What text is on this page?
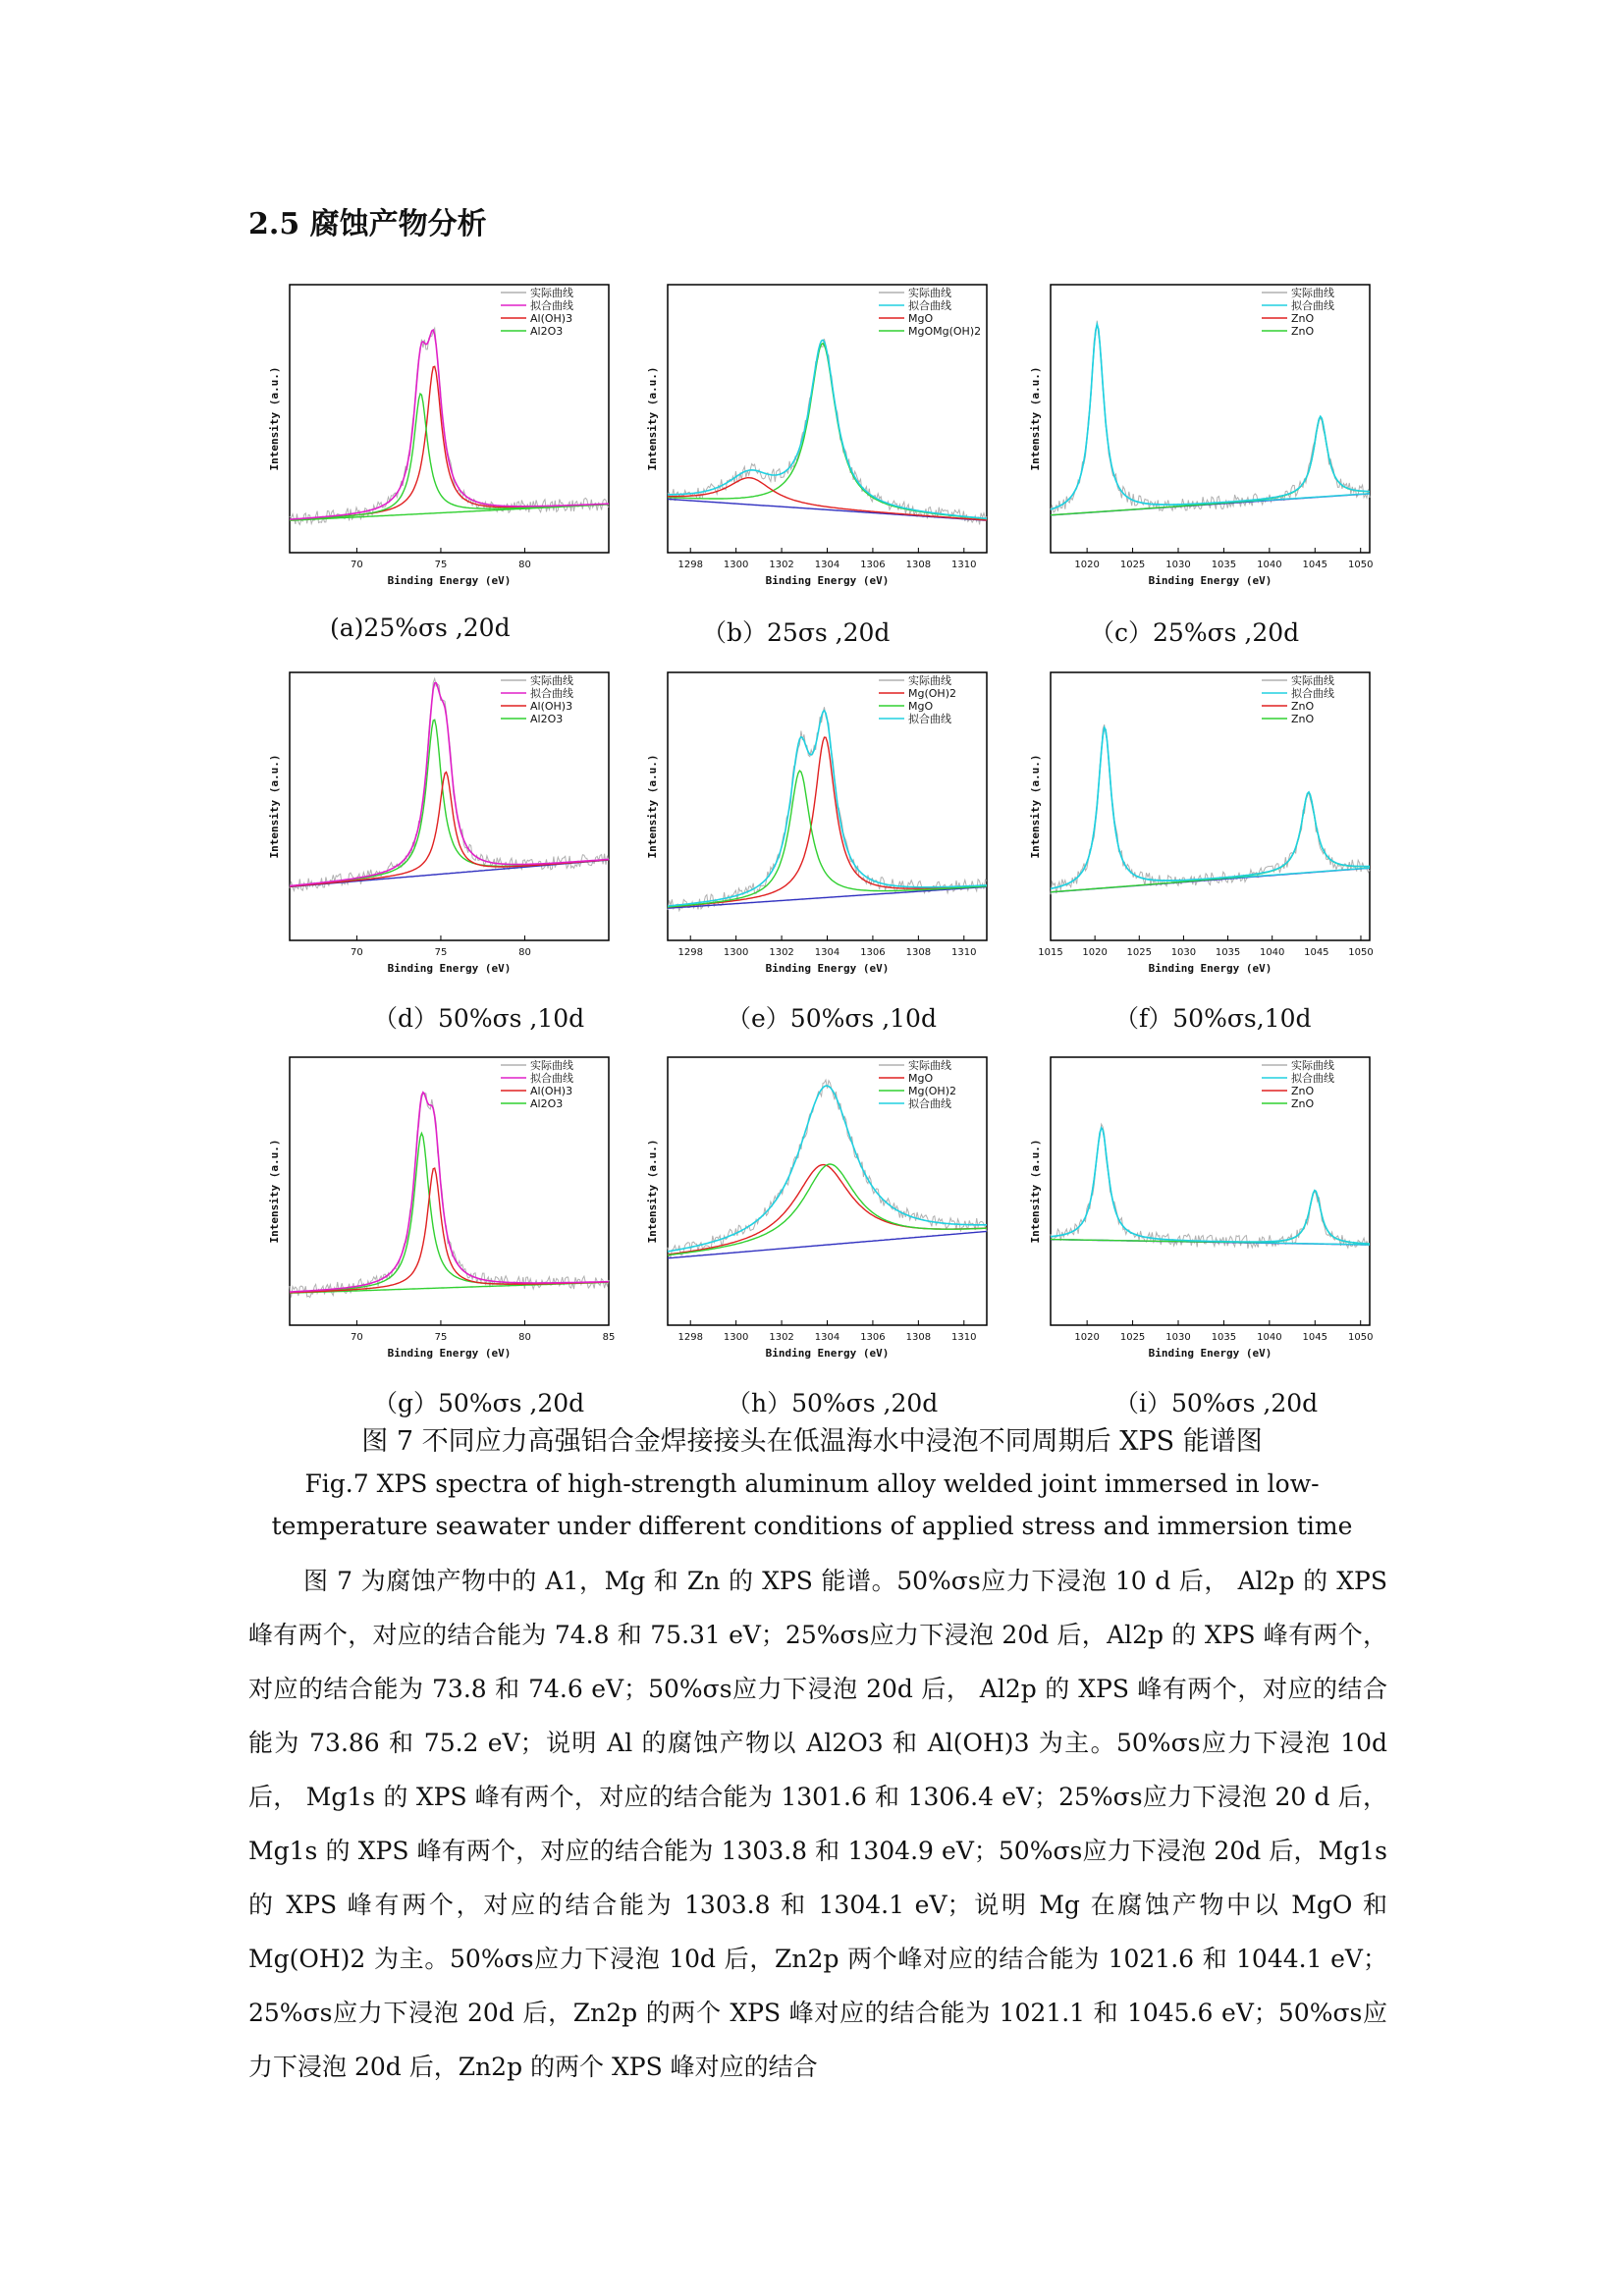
2.5 腐蚀产物分析
70	75	80
Binding Energy (eV)
Intensity (a.u.)
实际曲线
拟合曲线
Al(OH)3
Al2O3
1298 1300 1302 1304 1306 1308 1310
Binding Energy (eV)
Intensity (a.u.)
实际曲线
拟合曲线
MgO
MgOMg(OH)2
1020 1025 1030 1035 1040 1045 1050
Binding Energy (eV)
Intensity (a.u.)
实际曲线
拟合曲线
ZnO
ZnO
(a)25%σs ,20d	（b）25σs ,20d	（c）25%σs ,20d
70	75	80
Binding Energy (eV)
Intensity (a.u.)
实际曲线
拟合曲线
Al(OH)3
Al2O3
1298 1300 1302 1304 1306 1308 1310
Binding Energy (eV)
Intensity (a.u.)
实际曲线
Mg(OH)2
MgO
拟合曲线
1015 1020 1025 1030 1035 1040 1045 1050
Binding Energy (eV)
Intensity (a.u.)
实际曲线
拟合曲线
ZnO
ZnO
（d）50%σs ,10d	（e）50%σs ,10d	（f）50%σs,10d
70	75	80	85
Binding Energy (eV)
Intensity (a.u.)
实际曲线
拟合曲线
Al(OH)3
Al2O3
1298 1300 1302 1304 1306 1308 1310
Binding Energy (eV)
Intensity (a.u.)
实际曲线
MgO
Mg(OH)2
拟合曲线
1020 1025 1030 1035 1040 1045 1050
Binding Energy (eV)
Intensity (a.u.)
实际曲线
拟合曲线
ZnO
ZnO
（g）50%σs ,20d	（h）50%σs ,20d	（i）50%σs ,20d
图 7 不同应力高强铝合金焊接接头在低温海水中浸泡不同周期后 XPS 能谱图
Fig.7 XPS spectra of high-strength aluminum alloy welded joint immersed in low-temperature seawater under different conditions of applied stress and immersion time

图 7 为腐蚀产物中的 A1，Mg 和 Zn 的 XPS 能谱。50%σs应力下浸泡 10 d 后， Al2p 的 XPS 峰有两个，对应的结合能为 74.8 和 75.31 eV；25%σs应力下浸泡 20d 后，Al2p 的 XPS 峰有两个，对应的结合能为 73.8 和 74.6 eV；50%σs应力下浸泡 20d 后， Al2p 的 XPS 峰有两个，对应的结合能为 73.86 和 75.2 eV；说明 Al 的腐蚀产物以 Al2O3 和 Al(OH)3 为主。50%σs应力下浸泡 10d 后， Mg1s 的 XPS 峰有两个，对应的结合能为 1301.6 和 1306.4 eV；25%σs应力下浸泡 20 d 后，Mg1s 的 XPS 峰有两个，对应的结合能为 1303.8 和 1304.9 eV；50%σs应力下浸泡 20d 后，Mg1s 的 XPS 峰有两个，对应的结合能为 1303.8 和 1304.1 eV；说明 Mg 在腐蚀产物中以 MgO 和 Mg(OH)2 为主。50%σs应力下浸泡 10d 后，Zn2p 两个峰对应的结合能为 1021.6 和 1044.1 eV；25%σs应力下浸泡 20d 后，Zn2p 的两个 XPS 峰对应的结合能为 1021.1 和 1045.6 eV；50%σs应力下浸泡 20d 后，Zn2p 的两个 XPS 峰对应的结合
